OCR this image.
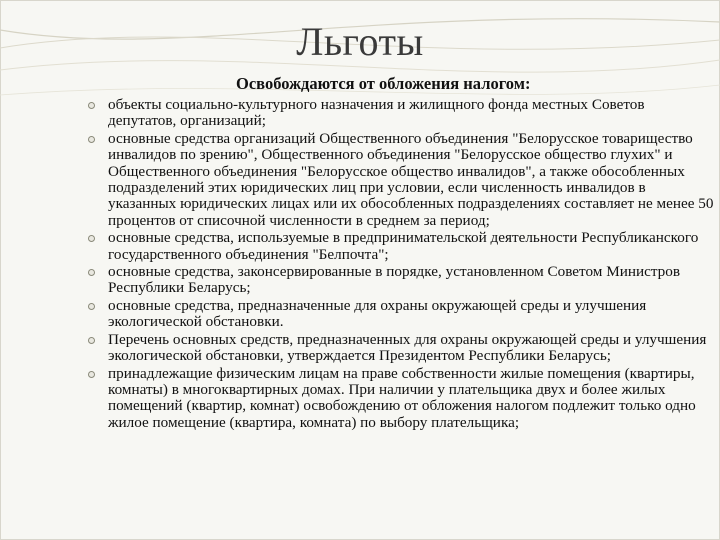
Льготы
Освобождаются от обложения налогом:
объекты социально-культурного назначения и жилищного фонда местных Советов депутатов, организаций;
основные средства организаций Общественного объединения "Белорусское товарищество инвалидов по зрению", Общественного объединения "Белорусское общество глухих" и Общественного объединения "Белорусское общество инвалидов", а также обособленных подразделений этих юридических лиц при условии, если численность инвалидов в указанных юридических лицах или их обособленных подразделениях составляет не менее 50 процентов от списочной численности в среднем за период;
основные средства, используемые в предпринимательской деятельности Республиканского государственного объединения "Белпочта";
основные средства, законсервированные в порядке, установленном Советом Министров Республики Беларусь;
основные средства, предназначенные для охраны окружающей среды и улучшения экологической обстановки.
Перечень основных средств, предназначенных для охраны окружающей среды и улучшения экологической обстановки, утверждается Президентом Республики Беларусь;
принадлежащие физическим лицам на праве собственности жилые помещения (квартиры, комнаты) в многоквартирных домах. При наличии у плательщика двух и более жилых помещений (квартир, комнат) освобождению от обложения налогом подлежит только одно жилое помещение (квартира, комната) по выбору плательщика;
